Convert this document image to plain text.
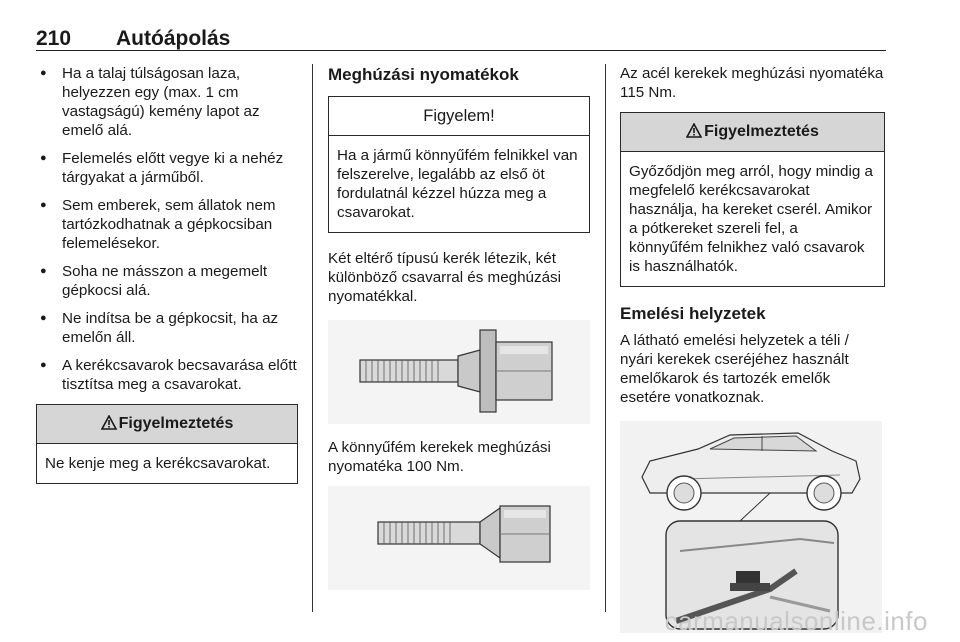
210 Autóápolás
● Ha a talaj túlságosan laza, helyezzen egy (max. 1 cm vastagságú) kemény lapot az emelő alá.
● Felemelés előtt vegye ki a nehéz tárgyakat a járműből.
● Sem emberek, sem állatok nem tartózkodhatnak a gépkocsiban felemelésekor.
● Soha ne másszon a megemelt gépkocsi alá.
● Ne indítsa be a gépkocsit, ha az emelőn áll.
● A kerékcsavarok becsavarása előtt tisztítsa meg a csavarokat.
Figyelmeztetés
Ne kenje meg a kerékcsavarokat.
Meghúzási nyomatékok
Figyelem!
Ha a jármű könnyűfém felnikkel van felszerelve, legalább az első öt fordulatnál kézzel húzza meg a csavarokat.
Két eltérő típusú kerék létezik, két különböző csavarral és meghúzási nyomatékkal.
A könnyűfém kerekek meghúzási nyomatéka 100 Nm.
Az acél kerekek meghúzási nyomatéka 115 Nm.
Figyelmeztetés
Győződjön meg arról, hogy mindig a megfelelő kerékcsavarokat használja, ha kereket cserél. Amikor a pótkereket szereli fel, a könnyűfém felnikhez való csavarok is használhatók.
Emelési helyzetek
A látható emelési helyzetek a téli / nyári kerekek cseréjéhez használt emelőkarok és tartozék emelők esetére vonatkoznak.
carmanualsonline.info
